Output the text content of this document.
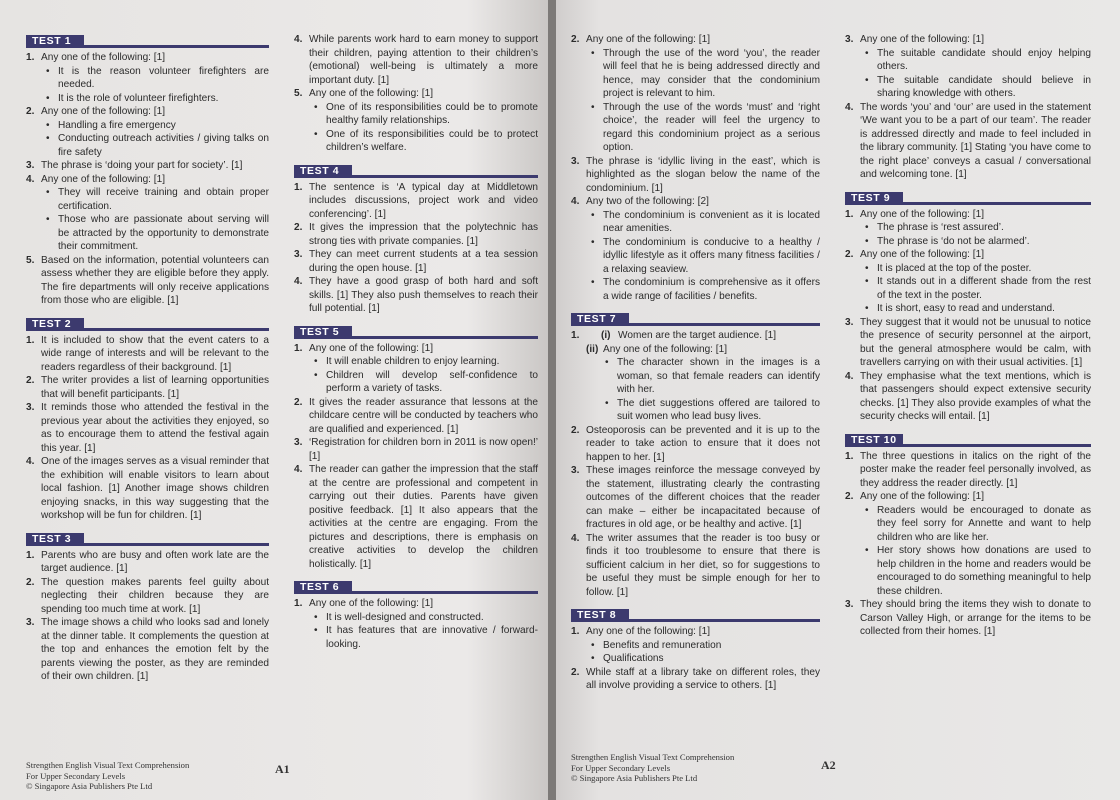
TEST 1
1. Any one of the following: [1]
• It is the reason volunteer firefighters are needed.
• It is the role of volunteer firefighters.
2. Any one of the following: [1]
• Handling a fire emergency
• Conducting outreach activities / giving talks on fire safety
3. The phrase is ‘doing your part for society’. [1]
4. Any one of the following: [1]
• They will receive training and obtain proper certification.
• Those who are passionate about serving will be attracted by the opportunity to demonstrate their commitment.
5. Based on the information, potential volunteers can assess whether they are eligible before they apply. The fire departments will only receive applications from those who are eligible. [1]
TEST 2
1. It is included to show that the event caters to a wide range of interests and will be relevant to the readers regardless of their background. [1]
2. The writer provides a list of learning opportunities that will benefit participants. [1]
3. It reminds those who attended the festival in the previous year about the activities they enjoyed, so as to encourage them to attend the festival again this year. [1]
4. One of the images serves as a visual reminder that the exhibition will enable visitors to learn about local fashion. [1] Another image shows children enjoying snacks, in this way suggesting that the workshop will be fun for children. [1]
TEST 3
1. Parents who are busy and often work late are the target audience. [1]
2. The question makes parents feel guilty about neglecting their children because they are spending too much time at work. [1]
3. The image shows a child who looks sad and lonely at the dinner table. It complements the question at the top and enhances the emotion felt by the parents viewing the poster, as they are reminded of their own children. [1]
4. While parents work hard to earn money to support their children, paying attention to their children’s (emotional) well-being is ultimately a more important duty. [1]
5. Any one of the following: [1]
• One of its responsibilities could be to promote healthy family relationships.
• One of its responsibilities could be to protect children’s welfare.
TEST 4
1. The sentence is ‘A typical day at Middletown includes discussions, project work and video conferencing’. [1]
2. It gives the impression that the polytechnic has strong ties with private companies. [1]
3. They can meet current students at a tea session during the open house. [1]
4. They have a good grasp of both hard and soft skills. [1] They also push themselves to reach their full potential. [1]
TEST 5
1. Any one of the following: [1]
• It will enable children to enjoy learning.
• Children will develop self-confidence to perform a variety of tasks.
2. It gives the reader assurance that lessons at the childcare centre will be conducted by teachers who are qualified and experienced. [1]
3. ‘Registration for children born in 2011 is now open!’ [1]
4. The reader can gather the impression that the staff at the centre are professional and competent in carrying out their duties. Parents have given positive feedback. [1] It also appears that the activities at the centre are engaging. From the pictures and descriptions, there is emphasis on creative activities to develop the children holistically. [1]
TEST 6
1. Any one of the following: [1]
• It is well-designed and constructed.
• It has features that are innovative / forward-looking.
2. Any one of the following: [1]
• Through the use of the word ‘you’, the reader will feel that he is being addressed directly and hence, may consider that the condominium project is relevant to him.
• Through the use of the words ‘must’ and ‘right choice’, the reader will feel the urgency to regard this condominium project as a serious option.
3. The phrase is ‘idyllic living in the east’, which is highlighted as the slogan below the name of the condominium. [1]
4. Any two of the following: [2]
• The condominium is convenient as it is located near amenities.
• The condominium is conducive to a healthy / idyllic lifestyle as it offers many fitness facilities / a relaxing seaview.
• The condominium is comprehensive as it offers a wide range of facilities / benefits.
TEST 7
1. (i) Women are the target audience. [1]
(ii) Any one of the following: [1]
• The character shown in the images is a woman, so that female readers can identify with her.
• The diet suggestions offered are tailored to suit women who lead busy lives.
2. Osteoporosis can be prevented and it is up to the reader to take action to ensure that it does not happen to her. [1]
3. These images reinforce the message conveyed by the statement, illustrating clearly the contrasting outcomes of the different choices that the reader can make – either be incapacitated because of fractures in old age, or be healthy and active. [1]
4. The writer assumes that the reader is too busy or finds it too troublesome to ensure that there is sufficient calcium in her diet, so for suggestions to be useful they must be simple enough for her to follow. [1]
TEST 8
1. Any one of the following: [1]
• Benefits and remuneration
• Qualifications
2. While staff at a library take on different roles, they all involve providing a service to others. [1]
3. Any one of the following: [1]
• The suitable candidate should enjoy helping others.
• The suitable candidate should believe in sharing knowledge with others.
4. The words ‘you’ and ‘our’ are used in the statement ‘We want you to be a part of our team’. The reader is addressed directly and made to feel included in the library community. [1] Stating ‘you have come to the right place’ conveys a casual / conversational and welcoming tone. [1]
TEST 9
1. Any one of the following: [1]
• The phrase is ‘rest assured’.
• The phrase is ‘do not be alarmed’.
2. Any one of the following: [1]
• It is placed at the top of the poster.
• It stands out in a different shade from the rest of the text in the poster.
• It is short, easy to read and understand.
3. They suggest that it would not be unusual to notice the presence of security personnel at the airport, but the general atmosphere would be calm, with travellers carrying on with their usual activities. [1]
4. They emphasise what the text mentions, which is that passengers should expect extensive security checks. [1] They also provide examples of what the security checks will entail. [1]
TEST 10
1. The three questions in italics on the right of the poster make the reader feel personally involved, as they address the reader directly. [1]
2. Any one of the following: [1]
• Readers would be encouraged to donate as they feel sorry for Annette and want to help children who are like her.
• Her story shows how donations are used to help children in the home and readers would be encouraged to do something meaningful to help these children.
3. They should bring the items they wish to donate to Carson Valley High, or arrange for the items to be collected from their homes. [1]
Strengthen English Visual Text Comprehension
For Upper Secondary Levels
© Singapore Asia Publishers Pte Ltd
A1
Strengthen English Visual Text Comprehension
For Upper Secondary Levels
© Singapore Asia Publishers Pte Ltd
A2
